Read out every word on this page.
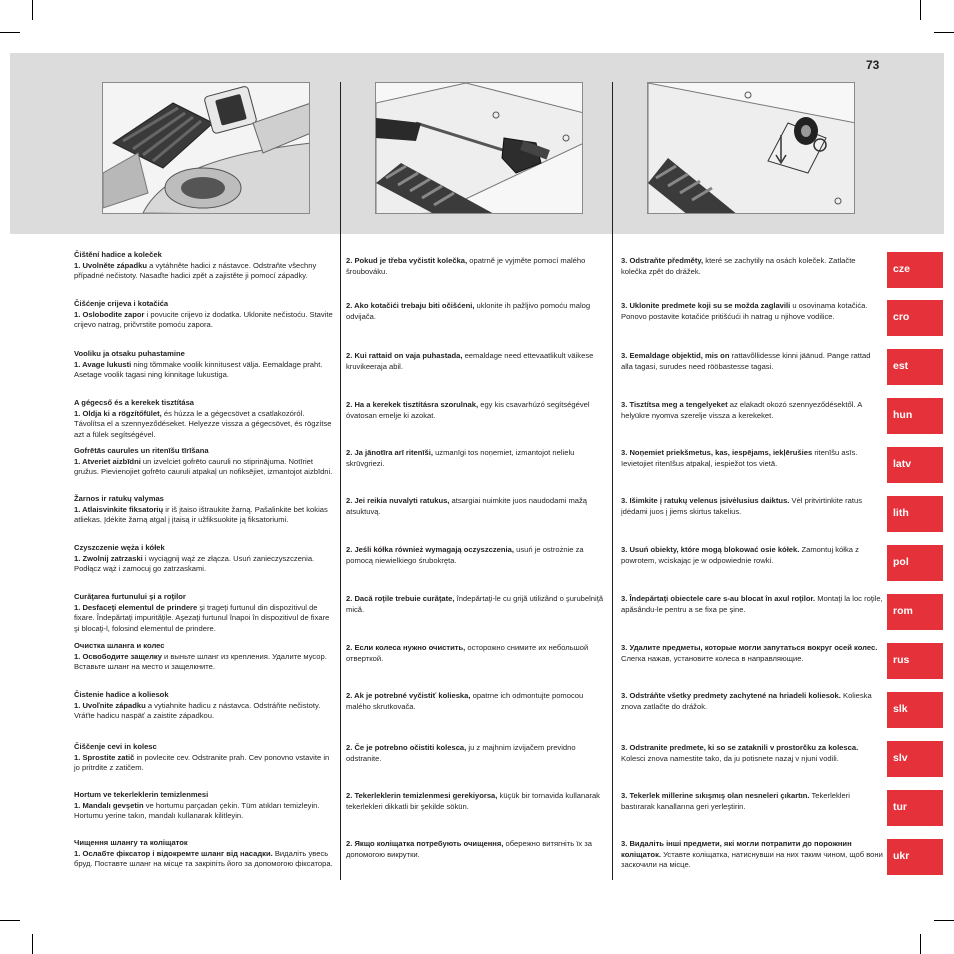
73
Čištění hadice a koleček
1. Uvolněte západku a vytáhněte hadici z nástavce. Odstraňte všechny případné nečistoty. Nasaďte hadici zpět a zajistěte ji pomocí západky.
Čišćenje crijeva i kotačića
1. Oslobodite zapor i povucite crijevo iz dodatka. Uklonite nečistoću. Stavite crijevo natrag, pričvrstite pomoću zapora.
Vooliku ja otsaku puhastamine
1. Avage lukusti ning tõmmake voolik kinnitusest välja. Eemaldage praht. Asetage voolik tagasi ning kinnitage lukustiga.
A gégecső és a kerekek tisztítása
1. Oldja ki a rögzítőfület, és húzza le a gégecsövet a csatlakozóról. Távolítsa el a szennyeződéseket. Helyezze vissza a gégecsövet, és rögzítse azt a fülek segítségével.
Gofrētās caurules un ritenīšu tīrīšana
1. Atveriet aizbīdni un izvelciet gofrēto cauruli no stiprinājuma. Notīriet gružus. Pievienojiet gofrēto cauruli atpakaļ un nofiksējiet, izmantojot aizbīdni.
Žarnos ir ratukų valymas
1. Atlaisvinkite fiksatorių ir iš įtaiso ištraukite žarną. Pašalinkite bet kokias atliekas. Įdėkite žarną atgal į įtaisą ir užfiksuokite ją fiksatoriumi.
Czyszczenie węża i kółek
1. Zwolnij zatrzaski i wyciągnij wąż ze złącza. Usuń zanieczyszczenia. Podłącz wąż i zamocuj go zatrzaskami.
Curăţarea furtunului şi a roţilor
1. Desfaceţi elementul de prindere şi trageţi furtunul din dispozitivul de fixare. Îndepărtaţi impurităţile. Aşezaţi furtunul înapoi în dispozitivul de fixare şi blocaţi-l, folosind elementul de prindere.
Очистка шланга и колес
1. Освободите защелку и выньте шланг из крепления. Удалите мусор. Вставьте шланг на место и защелкните.
Čistenie hadice a koliesok
1. Uvoľnite západku a vytiahnite hadicu z nástavca. Odstráňte nečistoty. Vráťte hadicu naspäť a zaistite západkou.
Čiščenje cevi in kolesc
1. Sprostite zatič in povlecite cev. Odstranite prah. Cev ponovno vstavite in jo pritrdite z zatičem.
Hortum ve tekerleklerin temizlenmesi
1. Mandalı gevşetin ve hortumu parçadan çekin. Tüm atıkları temizleyin. Hortumu yerine takın, mandalı kullanarak kilitleyin.
Чищення шлангу та коліщаток
1. Ослабте фіксатор і відокремте шланг від насадки. Видаліть увесь бруд. Поставте шланг на місце та закріпіть його за допомогою фіксатора.
2. Pokud je třeba vyčistit kolečka, opatrně je vyjměte pomocí malého šroubováku.
2. Ako kotačići trebaju biti očišćeni, uklonite ih pažljivo pomoću malog odvijača.
2. Kui rattaid on vaja puhastada, eemaldage need ettevaatlikult väikese kruvikeeraja abil.
2. Ha a kerekek tisztításra szorulnak, egy kis csavarhúzó segítségével óvatosan emelje ki azokat.
2. Ja jānotīra arī ritenīši, uzmanīgi tos noņemiet, izmantojot nelielu skrūvgriezi.
2. Jei reikia nuvalyti ratukus, atsargiai nuimkite juos naudodami mažą atsuktuvą.
2. Jeśli kółka również wymagają oczyszczenia, usuń je ostrożnie za pomocą niewielkiego śrubokręta.
2. Dacă roţile trebuie curăţate, îndepărtaţi-le cu grijă utilizând o şurubelniţă mică.
2. Если колеса нужно очистить, осторожно снимите их небольшой отверткой.
2. Ak je potrebné vyčistiť kolieska, opatrne ich odmontujte pomocou malého skrutkovača.
2. Če je potrebno očistiti kolesca, ju z majhnim izvijačem previdno odstranite.
2. Tekerleklerin temizlenmesi gerekiyorsa, küçük bir tornavida kullanarak tekerlekleri dikkatli bir şekilde sökün.
2. Якщо коліщатка потребують очищення, обережно витягніть їх за допомогою викрутки.
3. Odstraňte předměty, které se zachytily na osách koleček. Zatlačte kolečka zpět do drážek.
3. Uklonite predmete koji su se možda zaglavili u osovinama kotačića. Ponovo postavite kotačiće pritišćući ih natrag u njihove vodilice.
3. Eemaldage objektid, mis on rattavõllidesse kinni jäänud. Pange rattad alla tagasi, surudes need rööbastesse tagasi.
3. Tisztítsa meg a tengelyeket az elakadt okozó szennyeződésektől. A helyükre nyomva szerelje vissza a kerekeket.
3. Noņemiet priekšmetus, kas, iespējams, iekļērušies ritenīšu asīs. Ievietojiet ritenīšus atpakaļ, iespiežot tos vietā.
3. Išimkite į ratukų velenus įsivėlusius daiktus. Vėl pritvirtinkite ratus įdėdami juos į jiems skirtus takelius.
3. Usuń obiekty, które mogą blokować osie kółek. Zamontuj kółka z powrotem, wciskając je w odpowiednie rowki.
3. Îndepărtaţi obiectele care s-au blocat în axul roţilor. Montaţi la loc roţile, apăsându-le pentru a se fixa pe şine.
3. Удалите предметы, которые могли запутаться вокруг осей колес. Слегка нажав, установите колеса в направляющие.
3. Odstráňte všetky predmety zachytené na hriadeli koliesok. Kolieska znova zatlačte do drážok.
3. Odstranite predmete, ki so se zataknili v prostorčku za kolesca. Kolesci znova namestite tako, da ju potisnete nazaj v njuni vodili.
3. Tekerlek millerine sıkışmış olan nesneleri çıkartın. Tekerlekleri bastırarak kanallarına geri yerleştirin.
3. Видаліть інші предмети, які могли потрапити до порожнин коліщаток. Уставте коліщатка, натиснувши на них таким чином, щоб вони заскочили на місце.
cze
cro
est
hun
latv
lith
pol
rom
rus
slk
slv
tur
ukr
